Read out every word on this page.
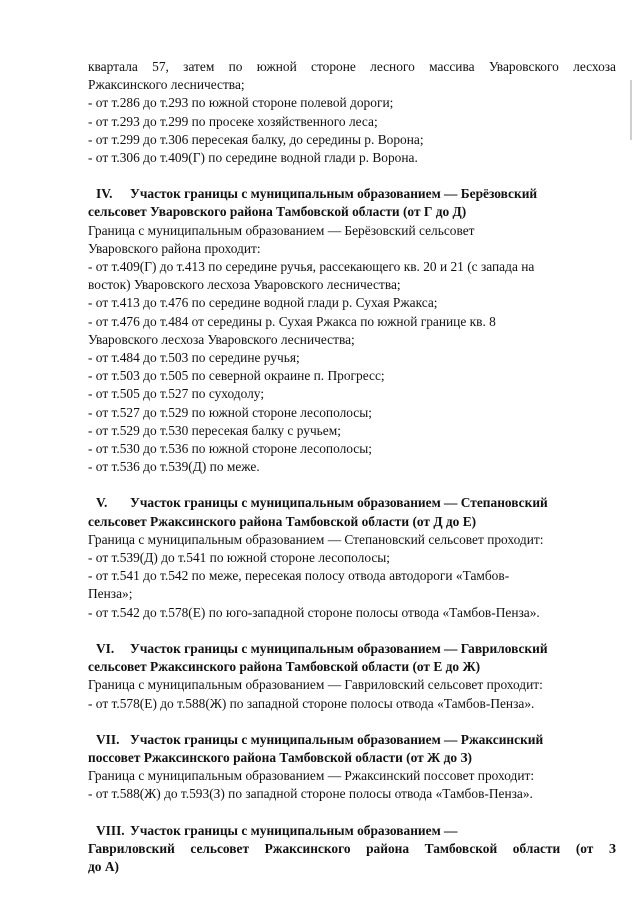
квартала 57, затем по южной стороне лесного массива Уваровского лесхоза
Ржаксинского лесничества;
- от т.286 до т.293 по южной стороне полевой дороги;
- от т.293 до т.299 по просеке хозяйственного леса;
- от т.299 до т.306 пересекая балку, до середины р. Ворона;
- от т.306 до т.409(Г) по середине водной глади р. Ворона.
IV. Участок границы с муниципальным образованием — Берёзовский
сельсовет Уваровского района Тамбовской области (от Г до Д)
Граница с муниципальным образованием — Берёзовский сельсовет
Уваровского района проходит:
- от т.409(Г) до т.413 по середине ручья, рассекающего кв. 20 и 21 (с запада на
восток) Уваровского лесхоза Уваровского лесничества;
- от т.413 до т.476 по середине водной глади р. Сухая Ржакса;
- от т.476 до т.484 от середины р. Сухая Ржакса по южной границе кв. 8
Уваровского лесхоза Уваровского лесничества;
- от т.484 до т.503 по середине ручья;
- от т.503 до т.505 по северной окраине п. Прогресс;
- от т.505 до т.527 по суходолу;
- от т.527 до т.529 по южной стороне лесополосы;
- от т.529 до т.530 пересекая балку с ручьем;
- от т.530 до т.536 по южной стороне лесополосы;
- от т.536 до т.539(Д) по меже.
V. Участок границы с муниципальным образованием — Степановский
сельсовет Ржаксинского района Тамбовской области (от Д до Е)
Граница с муниципальным образованием — Степановский сельсовет проходит:
- от т.539(Д) до т.541 по южной стороне лесополосы;
- от т.541 до т.542 по меже, пересекая полосу отвода автодороги «Тамбов-
Пенза»;
- от т.542 до т.578(Е) по юго-западной стороне полосы отвода «Тамбов-Пенза».
VI. Участок границы с муниципальным образованием — Гавриловский
сельсовет Ржаксинского района Тамбовской области (от Е до Ж)
Граница с муниципальным образованием — Гавриловский сельсовет проходит:
- от т.578(Е) до т.588(Ж) по западной стороне полосы отвода «Тамбов-Пенза».
VII. Участок границы с муниципальным образованием — Ржаксинский
поссовет Ржаксинского района Тамбовской области (от Ж до З)
Граница с муниципальным образованием — Ржаксинский поссовет проходит:
- от т.588(Ж) до т.593(З) по западной стороне полосы отвода «Тамбов-Пенза».
VIII. Участок границы с муниципальным образованием —
Гавриловский сельсовет Ржаксинского района Тамбовской области (от З
до А)
